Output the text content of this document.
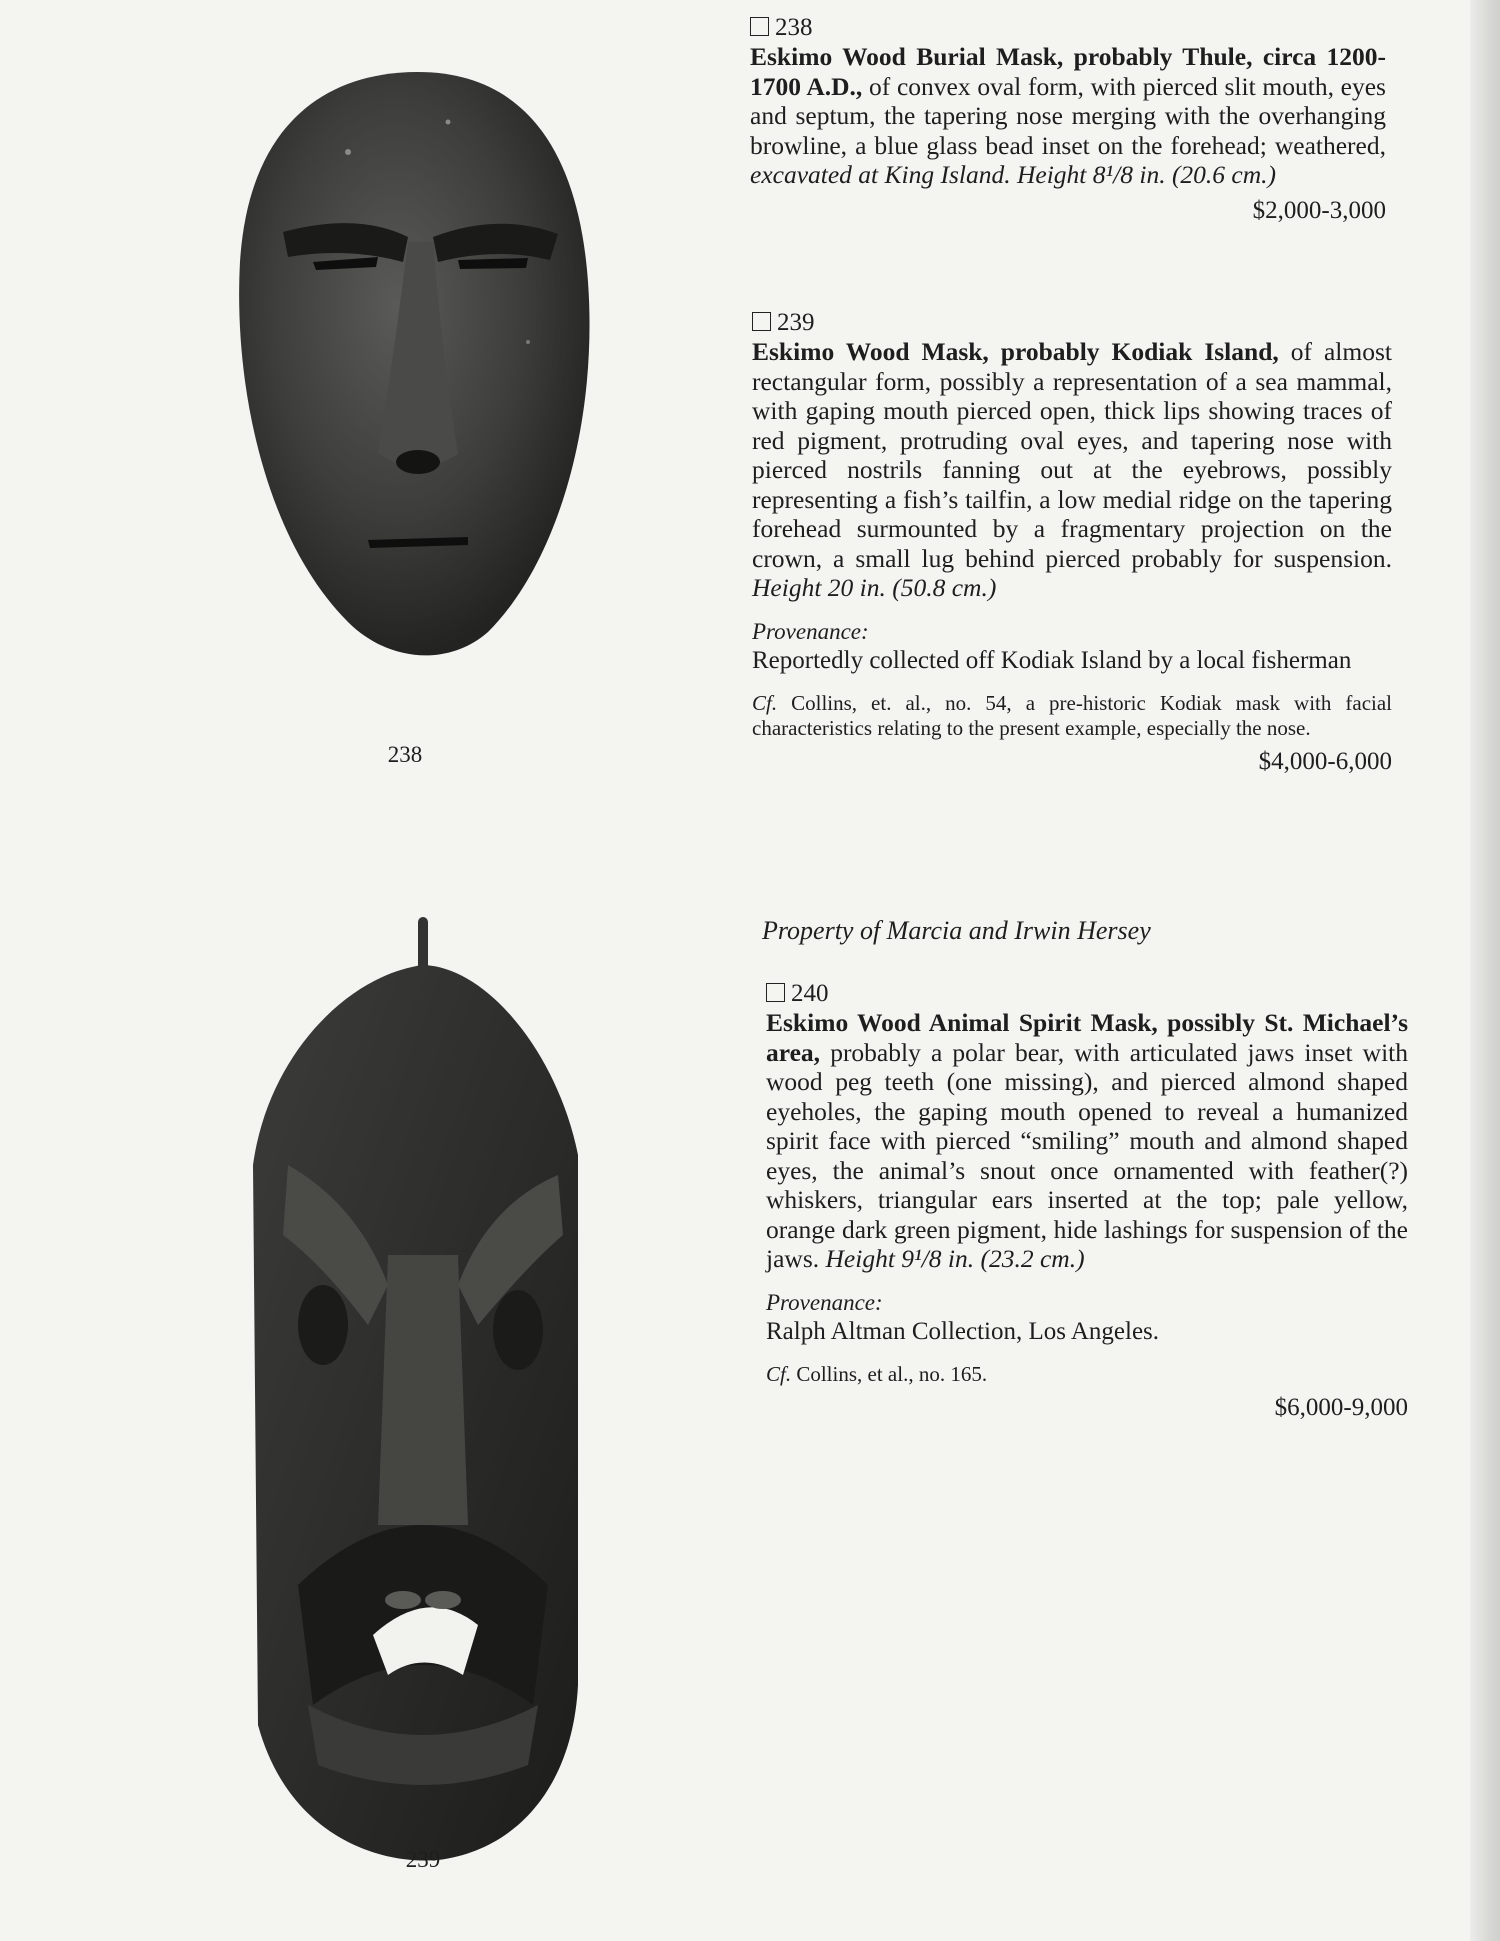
238
239

238

Eskimo Wood Burial Mask, probably Thule, circa 1200-1700 A.D., of convex oval form, with pierced slit mouth, eyes and septum, the tapering nose merging with the overhanging browline, a blue glass bead inset on the forehead; weathered, excavated at King Island. Height 8¹/8 in. (20.6 cm.)

$2,000-3,000

239

Eskimo Wood Mask, probably Kodiak Island, of almost rectangular form, possibly a representation of a sea mammal, with gaping mouth pierced open, thick lips showing traces of red pigment, protruding oval eyes, and tapering nose with pierced nostrils fanning out at the eyebrows, possibly representing a fish’s tailfin, a low medial ridge on the tapering forehead surmounted by a fragmentary projection on the crown, a small lug behind pierced probably for suspension. Height 20 in. (50.8 cm.)

Provenance:

Reportedly collected off Kodiak Island by a local fisherman

Cf. Collins, et. al., no. 54, a pre-historic Kodiak mask with facial characteristics relating to the present example, especially the nose.

$4,000-6,000

Property of Marcia and Irwin Hersey

240

Eskimo Wood Animal Spirit Mask, possibly St. Michael’s area, probably a polar bear, with articulated jaws inset with wood peg teeth (one missing), and pierced almond shaped eyeholes, the gaping mouth opened to reveal a humanized spirit face with pierced “smiling” mouth and almond shaped eyes, the animal’s snout once ornamented with feather(?) whiskers, triangular ears inserted at the top; pale yellow, orange dark green pigment, hide lashings for suspension of the jaws. Height 9¹/8 in. (23.2 cm.)

Provenance:

Ralph Altman Collection, Los Angeles.

Cf. Collins, et al., no. 165.

$6,000-9,000
